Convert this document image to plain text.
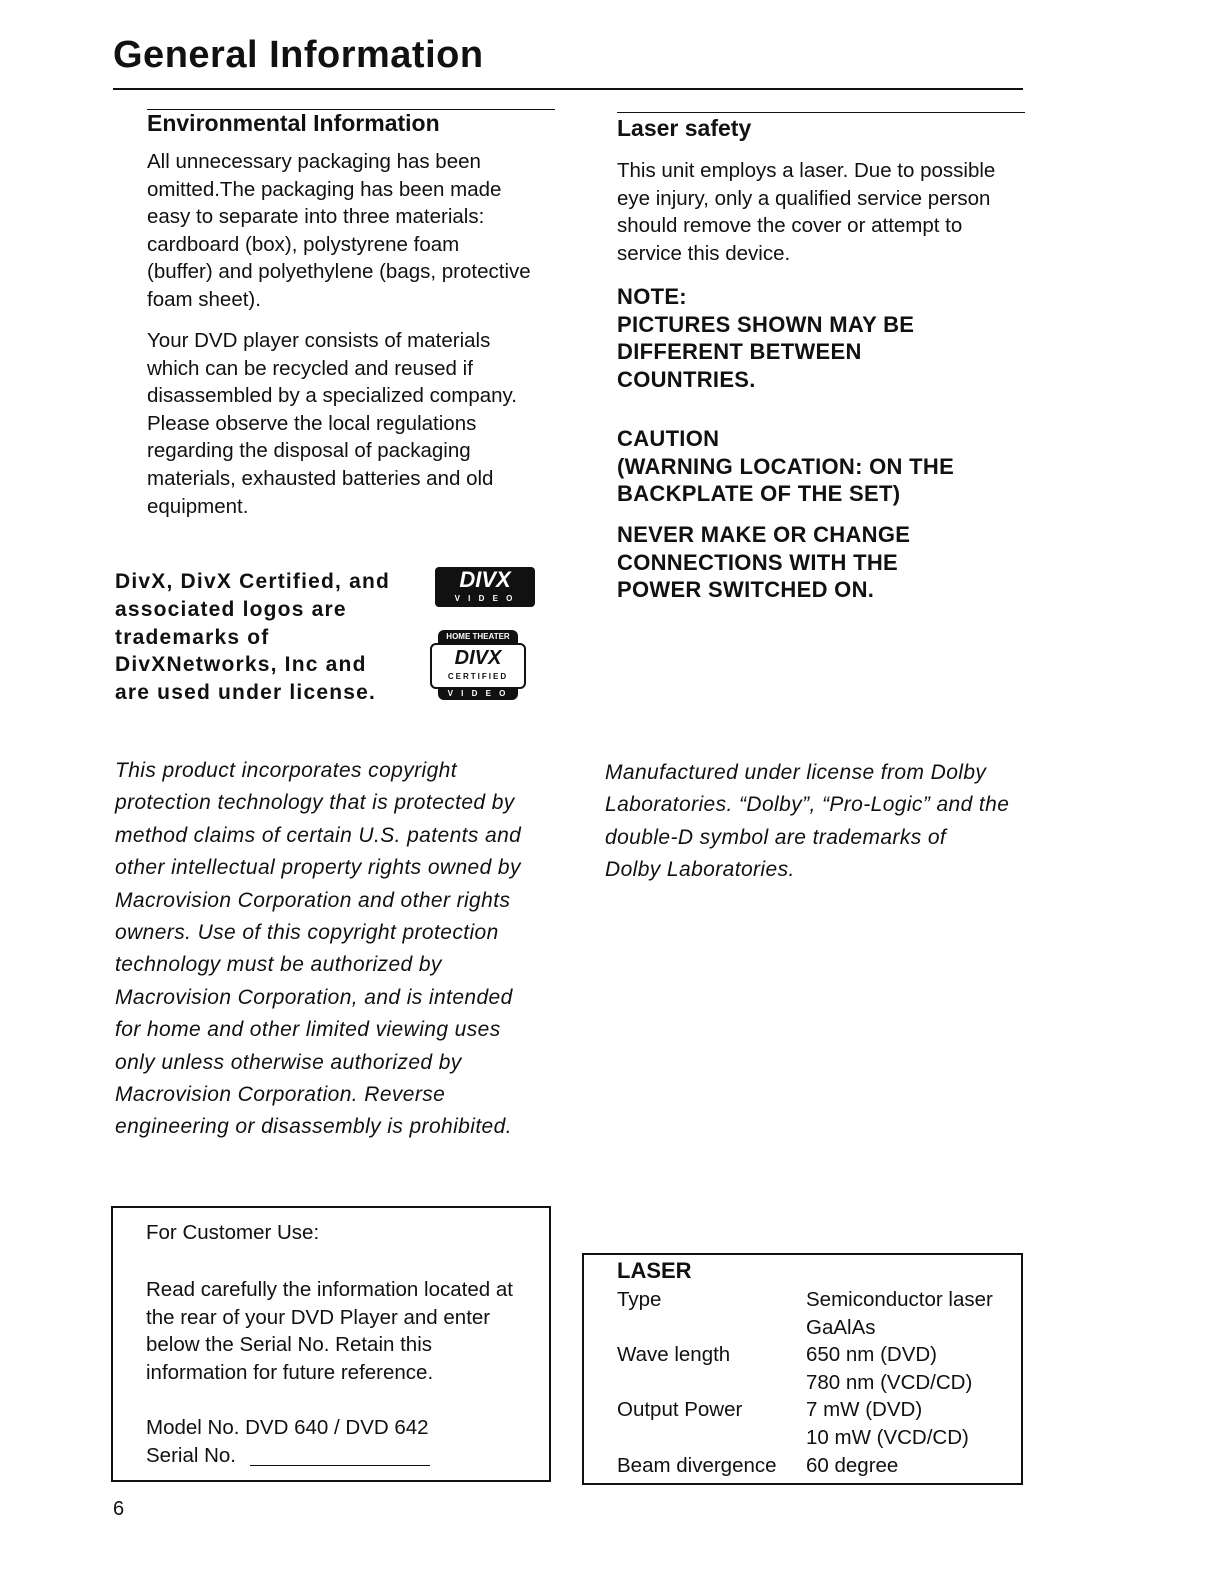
General Information
Environmental Information
All unnecessary packaging has been
omitted.The packaging has been made
easy to separate into three materials:
cardboard (box), polystyrene foam
(buffer) and polyethylene (bags, protective
foam sheet).
Your DVD player consists of materials
which can be recycled and reused if
disassembled by a specialized company.
Please observe the local regulations
regarding the disposal of packaging
materials, exhausted batteries and old
equipment.
DivX, DivX Certified, and
associated logos are
trademarks of
DivXNetworks, Inc and
are used under license.
DIVX
V I D E O
HOME THEATER
DIVX
CERTIFIED
V I D E O
This product incorporates copyright
protection technology that is protected by
method claims of certain U.S. patents and
other intellectual property rights owned by
Macrovision Corporation and other rights
owners. Use of this copyright protection
technology must be authorized by
Macrovision Corporation, and is intended
for home and other limited viewing uses
only unless otherwise authorized by
Macrovision Corporation. Reverse
engineering or disassembly is prohibited.
For Customer Use:
Read carefully the information located at
the rear of your DVD Player and enter
below the Serial No. Retain this
information for future reference.
Model No. DVD 640 / DVD 642
Serial No.
6
Laser safety
This unit employs a laser. Due to possible
eye injury, only a qualified service person
should remove the cover or attempt to
service this device.
NOTE:
PICTURES SHOWN MAY BE
DIFFERENT BETWEEN
COUNTRIES.
CAUTION
(WARNING LOCATION: ON THE
BACKPLATE OF THE SET)
NEVER MAKE OR CHANGE
CONNECTIONS WITH THE
POWER SWITCHED ON.
Manufactured under license from Dolby
Laboratories. “Dolby”, “Pro-Logic” and the
double-D symbol are trademarks of
Dolby Laboratories.
LASER
Type	Semiconductor laser
	GaAlAs
Wave length	650 nm (DVD)
	780 nm (VCD/CD)
Output Power	7 mW (DVD)
	10 mW (VCD/CD)
Beam divergence	60 degree
